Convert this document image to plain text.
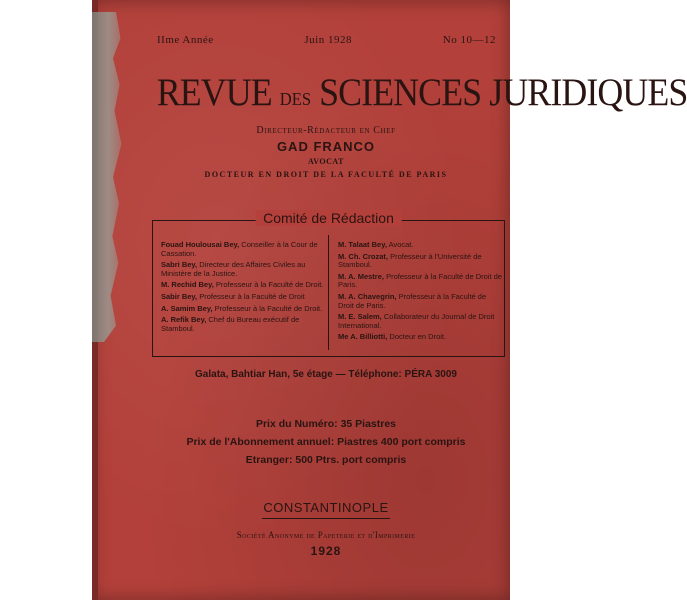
IIme Année	Juin 1928	No 10—12
REVUE DES SCIENCES JURIDIQUES
Directeur-Rédacteur en Chef
GAD FRANCO
AVOCAT
DOCTEUR EN DROIT DE LA FACULTÉ DE PARIS
Comité de Rédaction
Fouad Houlousai Bey, Conseiller à la Cour de Cassation.
Sabri Bey, Directeur des Affaires Civiles au Ministère de la Justice.
M. Rechid Bey, Professeur à la Faculté de Droit.
Sabir Bey, Professeur à la Faculté de Droit
A. Samim Bey, Professeur à la Faculté de Droit.
A. Refik Bey, Chef du Bureau exécutif de Stamboul.
M. Talaat Bey, Avocat.
M. Ch. Crozat, Professeur à l'Université de Stamboul.
M. A. Mestre, Professeur à la Faculté de Droit de Paris.
M. A. Chavegrin, Professeur à la Faculté de Droit de Paris.
M. E. Salem, Collaborateur du Journal de Droit International.
Me A. Billiotti, Docteur en Droit.
Galata, Bahtiar Han, 5e étage — Téléphone: PÉRA 3009
Prix du Numéro: 35 Piastres
Prix de l'Abonnement annuel: Piastres 400 port compris
Etranger: 500 Ptrs. port compris
CONSTANTINOPLE
Société Anonyme de Papeterie et d'Imprimerie
1928
